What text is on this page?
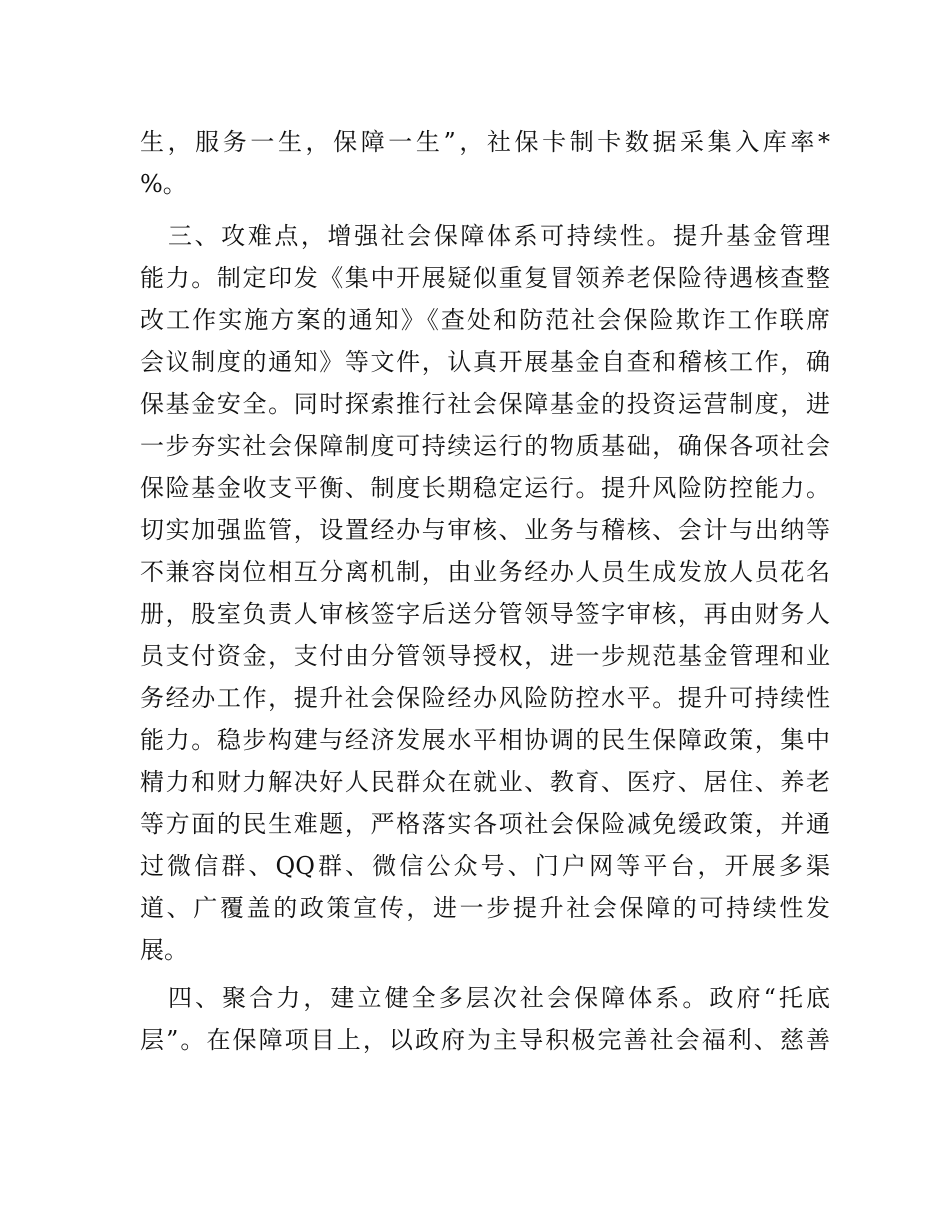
生，服务一生，保障一生”，社保卡制卡数据采集入库率*
%。
三、攻难点，增强社会保障体系可持续性。提升基金管理
能力。制定印发《集中开展疑似重复冒领养老保险待遇核查整
改工作实施方案的通知》《查处和防范社会保险欺诈工作联席
会议制度的通知》等文件，认真开展基金自查和稽核工作，确
保基金安全。同时探索推行社会保障基金的投资运营制度，进
一步夯实社会保障制度可持续运行的物质基础，确保各项社会
保险基金收支平衡、制度长期稳定运行。提升风险防控能力。
切实加强监管，设置经办与审核、业务与稽核、会计与出纳等
不兼容岗位相互分离机制，由业务经办人员生成发放人员花名
册，股室负责人审核签字后送分管领导签字审核，再由财务人
员支付资金，支付由分管领导授权，进一步规范基金管理和业
务经办工作，提升社会保险经办风险防控水平。提升可持续性
能力。稳步构建与经济发展水平相协调的民生保障政策，集中
精力和财力解决好人民群众在就业、教育、医疗、居住、养老
等方面的民生难题，严格落实各项社会保险减免缓政策，并通
过微信群、QQ群、微信公众号、门户网等平台，开展多渠
道、广覆盖的政策宣传，进一步提升社会保障的可持续性发
展。
四、聚合力，建立健全多层次社会保障体系。政府“托底
层”。在保障项目上，以政府为主导积极完善社会福利、慈善
